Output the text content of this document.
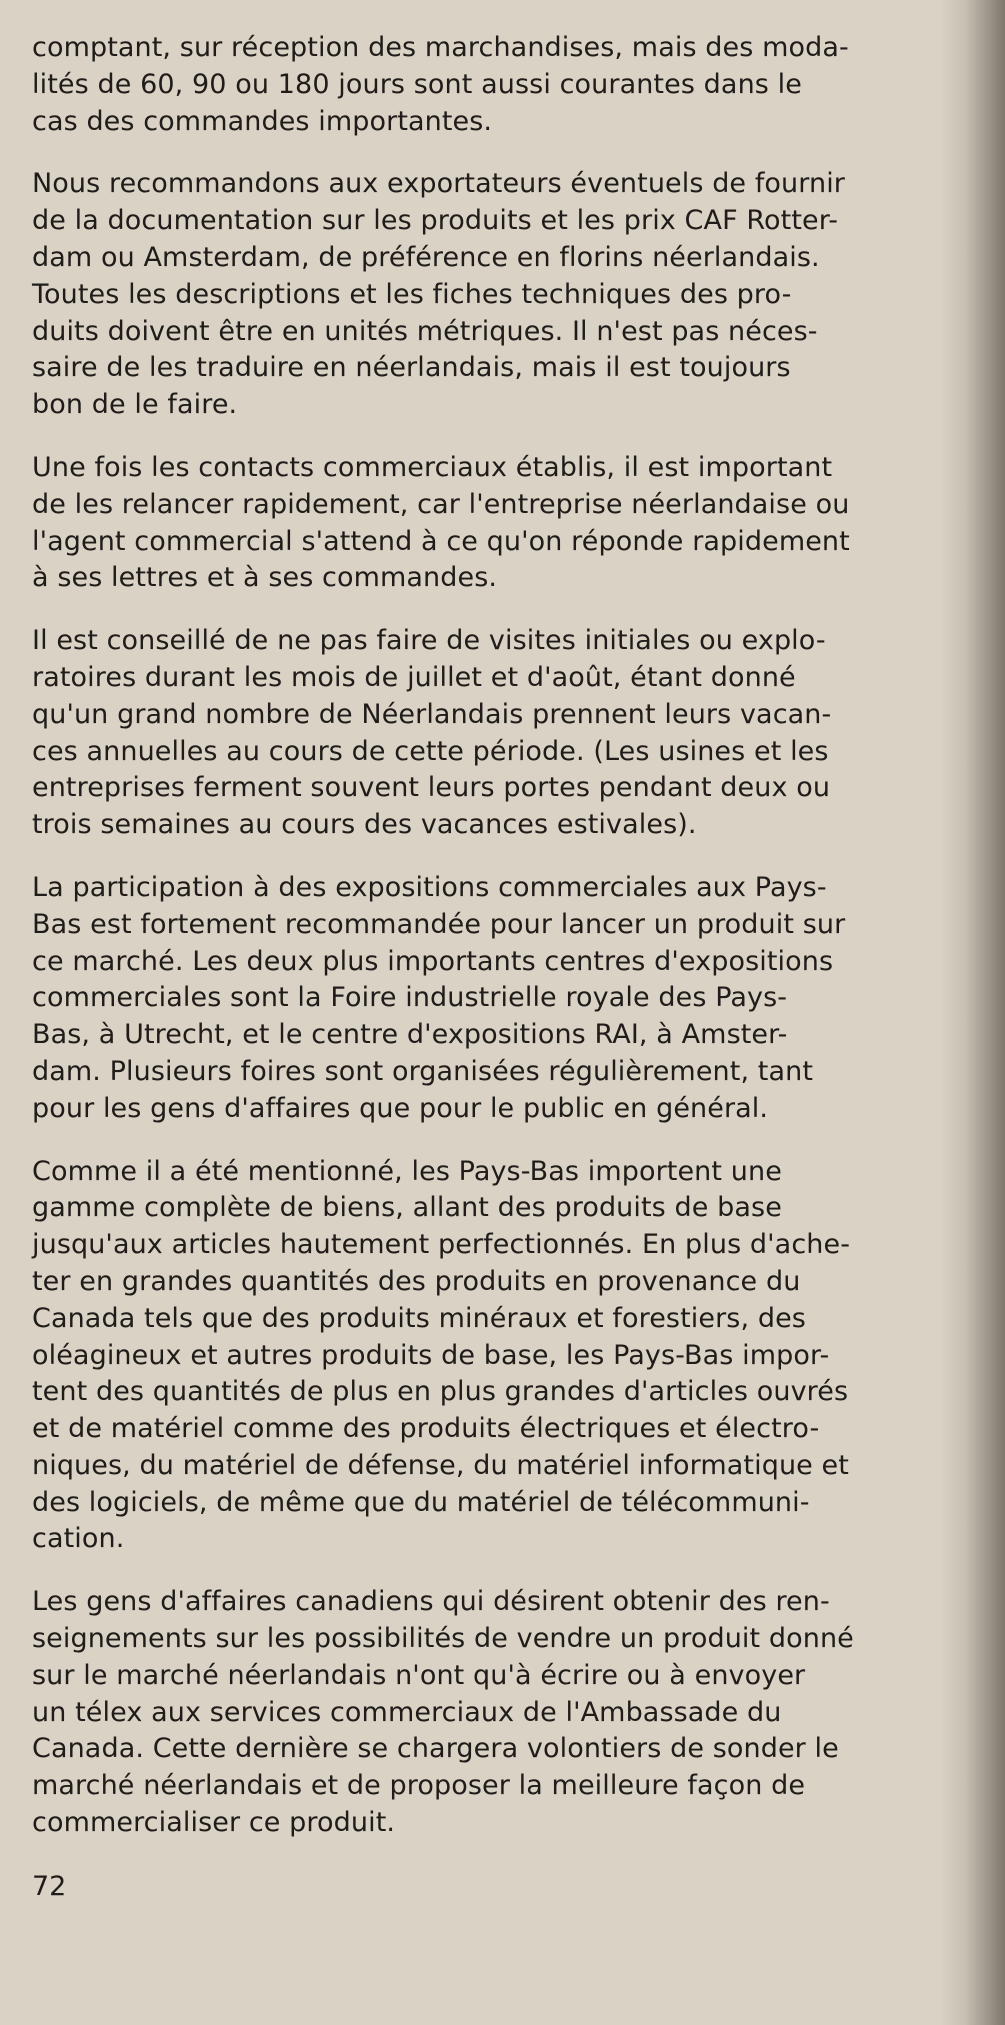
comptant, sur réception des marchandises, mais des moda-
lités de 60, 90 ou 180 jours sont aussi courantes dans le
cas des commandes importantes.

Nous recommandons aux exportateurs éventuels de fournir
de la documentation sur les produits et les prix CAF Rotter-
dam ou Amsterdam, de préférence en florins néerlandais.
Toutes les descriptions et les fiches techniques des pro-
duits doivent être en unités métriques. Il n'est pas néces-
saire de les traduire en néerlandais, mais il est toujours
bon de le faire.

Une fois les contacts commerciaux établis, il est important
de les relancer rapidement, car l'entreprise néerlandaise ou
l'agent commercial s'attend à ce qu'on réponde rapidement
à ses lettres et à ses commandes.

Il est conseillé de ne pas faire de visites initiales ou explo-
ratoires durant les mois de juillet et d'août, étant donné
qu'un grand nombre de Néerlandais prennent leurs vacan-
ces annuelles au cours de cette période. (Les usines et les
entreprises ferment souvent leurs portes pendant deux ou
trois semaines au cours des vacances estivales).

La participation à des expositions commerciales aux Pays-
Bas est fortement recommandée pour lancer un produit sur
ce marché. Les deux plus importants centres d'expositions
commerciales sont la Foire industrielle royale des Pays-
Bas, à Utrecht, et le centre d'expositions RAI, à Amster-
dam. Plusieurs foires sont organisées régulièrement, tant
pour les gens d'affaires que pour le public en général.

Comme il a été mentionné, les Pays-Bas importent une
gamme complète de biens, allant des produits de base
jusqu'aux articles hautement perfectionnés. En plus d'ache-
ter en grandes quantités des produits en provenance du
Canada tels que des produits minéraux et forestiers, des
oléagineux et autres produits de base, les Pays-Bas impor-
tent des quantités de plus en plus grandes d'articles ouvrés
et de matériel comme des produits électriques et électro-
niques, du matériel de défense, du matériel informatique et
des logiciels, de même que du matériel de télécommuni-
cation.

Les gens d'affaires canadiens qui désirent obtenir des ren-
seignements sur les possibilités de vendre un produit donné
sur le marché néerlandais n'ont qu'à écrire ou à envoyer
un télex aux services commerciaux de l'Ambassade du
Canada. Cette dernière se chargera volontiers de sonder le
marché néerlandais et de proposer la meilleure façon de
commercialiser ce produit.

72
